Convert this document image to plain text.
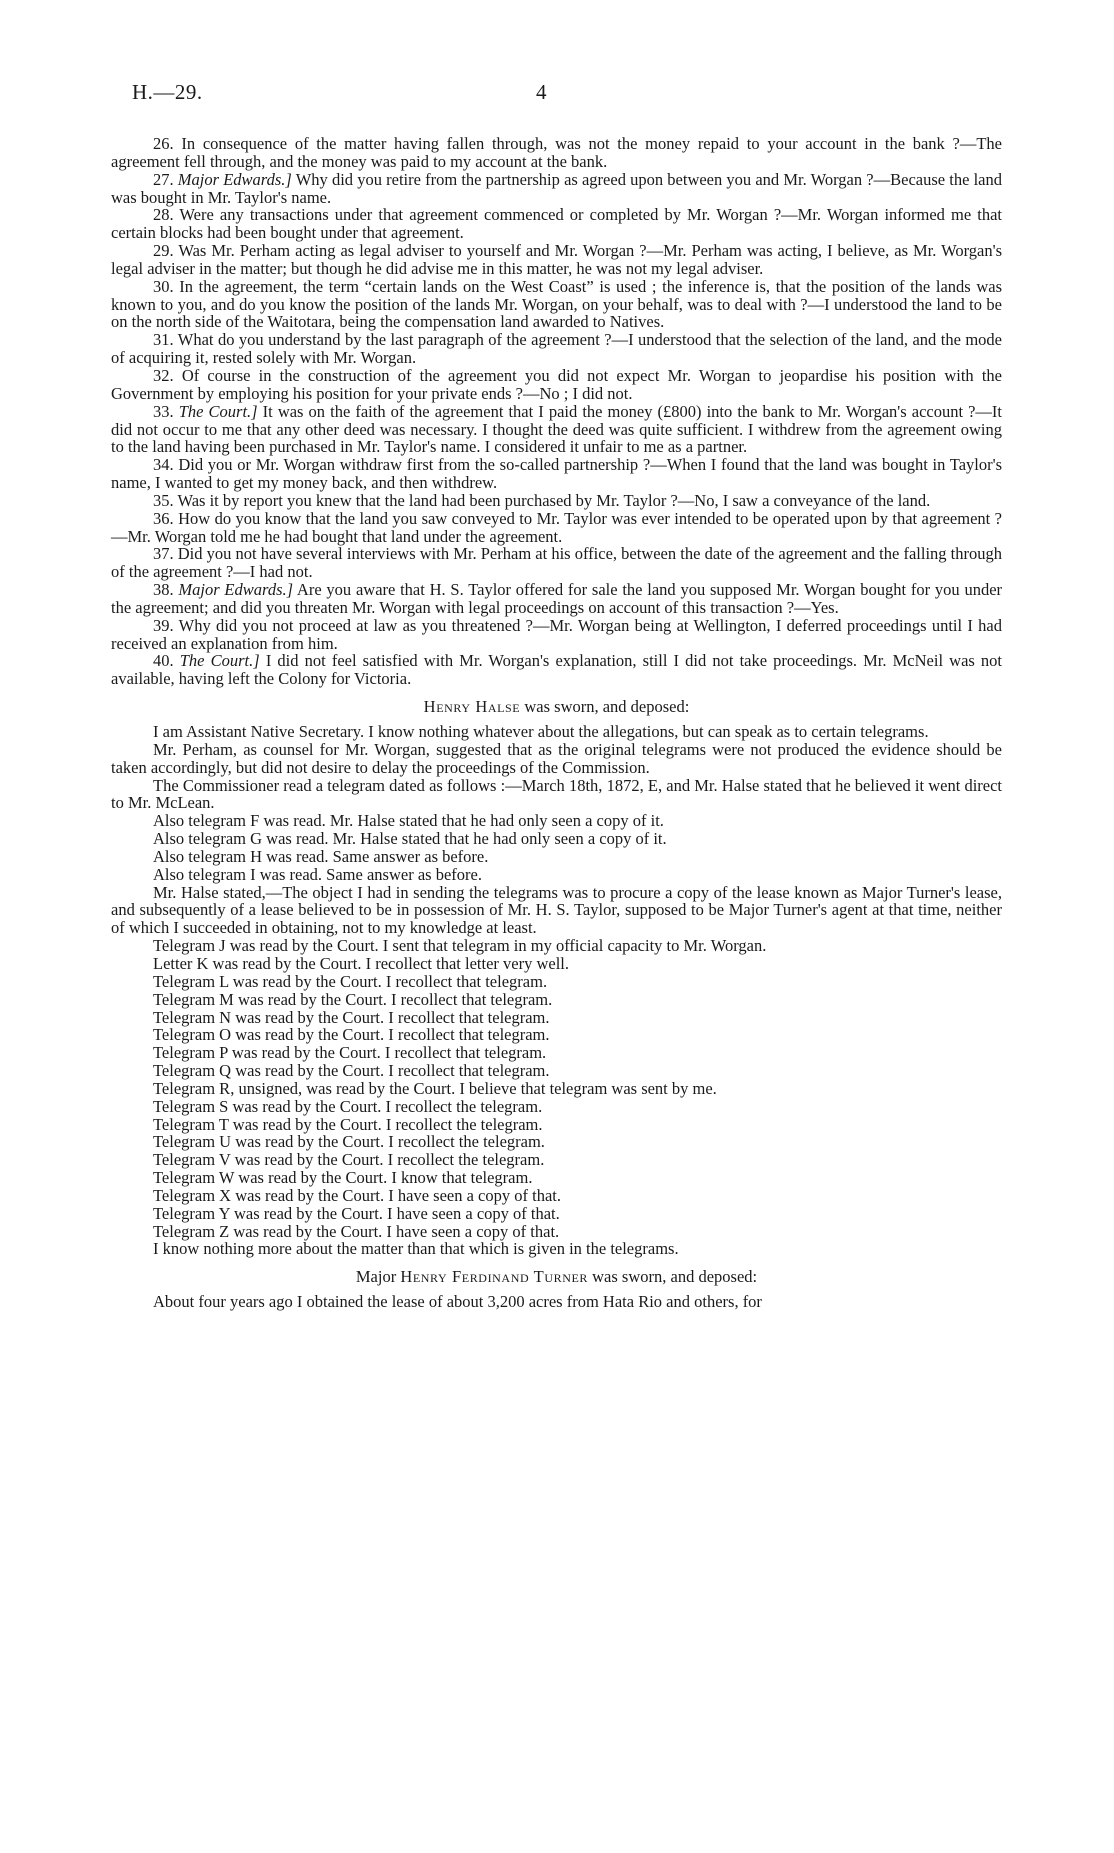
H.—29.	4

26. In consequence of the matter having fallen through, was not the money repaid to your account in the bank ?—The agreement fell through, and the money was paid to my account at the bank.

27. Major Edwards.] Why did you retire from the partnership as agreed upon between you and Mr. Worgan ?—Because the land was bought in Mr. Taylor's name.

28. Were any transactions under that agreement commenced or completed by Mr. Worgan ?—Mr. Worgan informed me that certain blocks had been bought under that agreement.

29. Was Mr. Perham acting as legal adviser to yourself and Mr. Worgan ?—Mr. Perham was acting, I believe, as Mr. Worgan's legal adviser in the matter; but though he did advise me in this matter, he was not my legal adviser.

30. In the agreement, the term “certain lands on the West Coast” is used ; the inference is, that the position of the lands was known to you, and do you know the position of the lands Mr. Worgan, on your behalf, was to deal with ?—I understood the land to be on the north side of the Waitotara, being the compensation land awarded to Natives.

31. What do you understand by the last paragraph of the agreement ?—I understood that the selection of the land, and the mode of acquiring it, rested solely with Mr. Worgan.

32. Of course in the construction of the agreement you did not expect Mr. Worgan to jeopardise his position with the Government by employing his position for your private ends ?—No ; I did not.

33. The Court.] It was on the faith of the agreement that I paid the money (£800) into the bank to Mr. Worgan's account ?—It did not occur to me that any other deed was necessary. I thought the deed was quite sufficient. I withdrew from the agreement owing to the land having been purchased in Mr. Taylor's name. I considered it unfair to me as a partner.

34. Did you or Mr. Worgan withdraw first from the so-called partnership ?—When I found that the land was bought in Taylor's name, I wanted to get my money back, and then withdrew.

35. Was it by report you knew that the land had been purchased by Mr. Taylor ?—No, I saw a conveyance of the land.

36. How do you know that the land you saw conveyed to Mr. Taylor was ever intended to be operated upon by that agreement ?—Mr. Worgan told me he had bought that land under the agreement.

37. Did you not have several interviews with Mr. Perham at his office, between the date of the agreement and the falling through of the agreement ?—I had not.

38. Major Edwards.] Are you aware that H. S. Taylor offered for sale the land you supposed Mr. Worgan bought for you under the agreement; and did you threaten Mr. Worgan with legal proceedings on account of this transaction ?—Yes.

39. Why did you not proceed at law as you threatened ?—Mr. Worgan being at Wellington, I deferred proceedings until I had received an explanation from him.

40. The Court.] I did not feel satisfied with Mr. Worgan's explanation, still I did not take proceedings. Mr. McNeil was not available, having left the Colony for Victoria.

Henry Halse was sworn, and deposed:

I am Assistant Native Secretary. I know nothing whatever about the allegations, but can speak as to certain telegrams.

Mr. Perham, as counsel for Mr. Worgan, suggested that as the original telegrams were not produced the evidence should be taken accordingly, but did not desire to delay the proceedings of the Commission.

The Commissioner read a telegram dated as follows :—March 18th, 1872, E, and Mr. Halse stated that he believed it went direct to Mr. McLean.

Also telegram F was read. Mr. Halse stated that he had only seen a copy of it.

Also telegram G was read. Mr. Halse stated that he had only seen a copy of it.

Also telegram H was read. Same answer as before.

Also telegram I was read. Same answer as before.

Mr. Halse stated,—The object I had in sending the telegrams was to procure a copy of the lease known as Major Turner's lease, and subsequently of a lease believed to be in possession of Mr. H. S. Taylor, supposed to be Major Turner's agent at that time, neither of which I succeeded in obtaining, not to my knowledge at least.

Telegram J was read by the Court. I sent that telegram in my official capacity to Mr. Worgan.

Letter K was read by the Court. I recollect that letter very well.

Telegram L was read by the Court. I recollect that telegram.

Telegram M was read by the Court. I recollect that telegram.

Telegram N was read by the Court. I recollect that telegram.

Telegram O was read by the Court. I recollect that telegram.

Telegram P was read by the Court. I recollect that telegram.

Telegram Q was read by the Court. I recollect that telegram.

Telegram R, unsigned, was read by the Court. I believe that telegram was sent by me.

Telegram S was read by the Court. I recollect the telegram.

Telegram T was read by the Court. I recollect the telegram.

Telegram U was read by the Court. I recollect the telegram.

Telegram V was read by the Court. I recollect the telegram.

Telegram W was read by the Court. I know that telegram.

Telegram X was read by the Court. I have seen a copy of that.

Telegram Y was read by the Court. I have seen a copy of that.

Telegram Z was read by the Court. I have seen a copy of that.

I know nothing more about the matter than that which is given in the telegrams.

Major Henry Ferdinand Turner was sworn, and deposed:

About four years ago I obtained the lease of about 3,200 acres from Hata Rio and others, for
